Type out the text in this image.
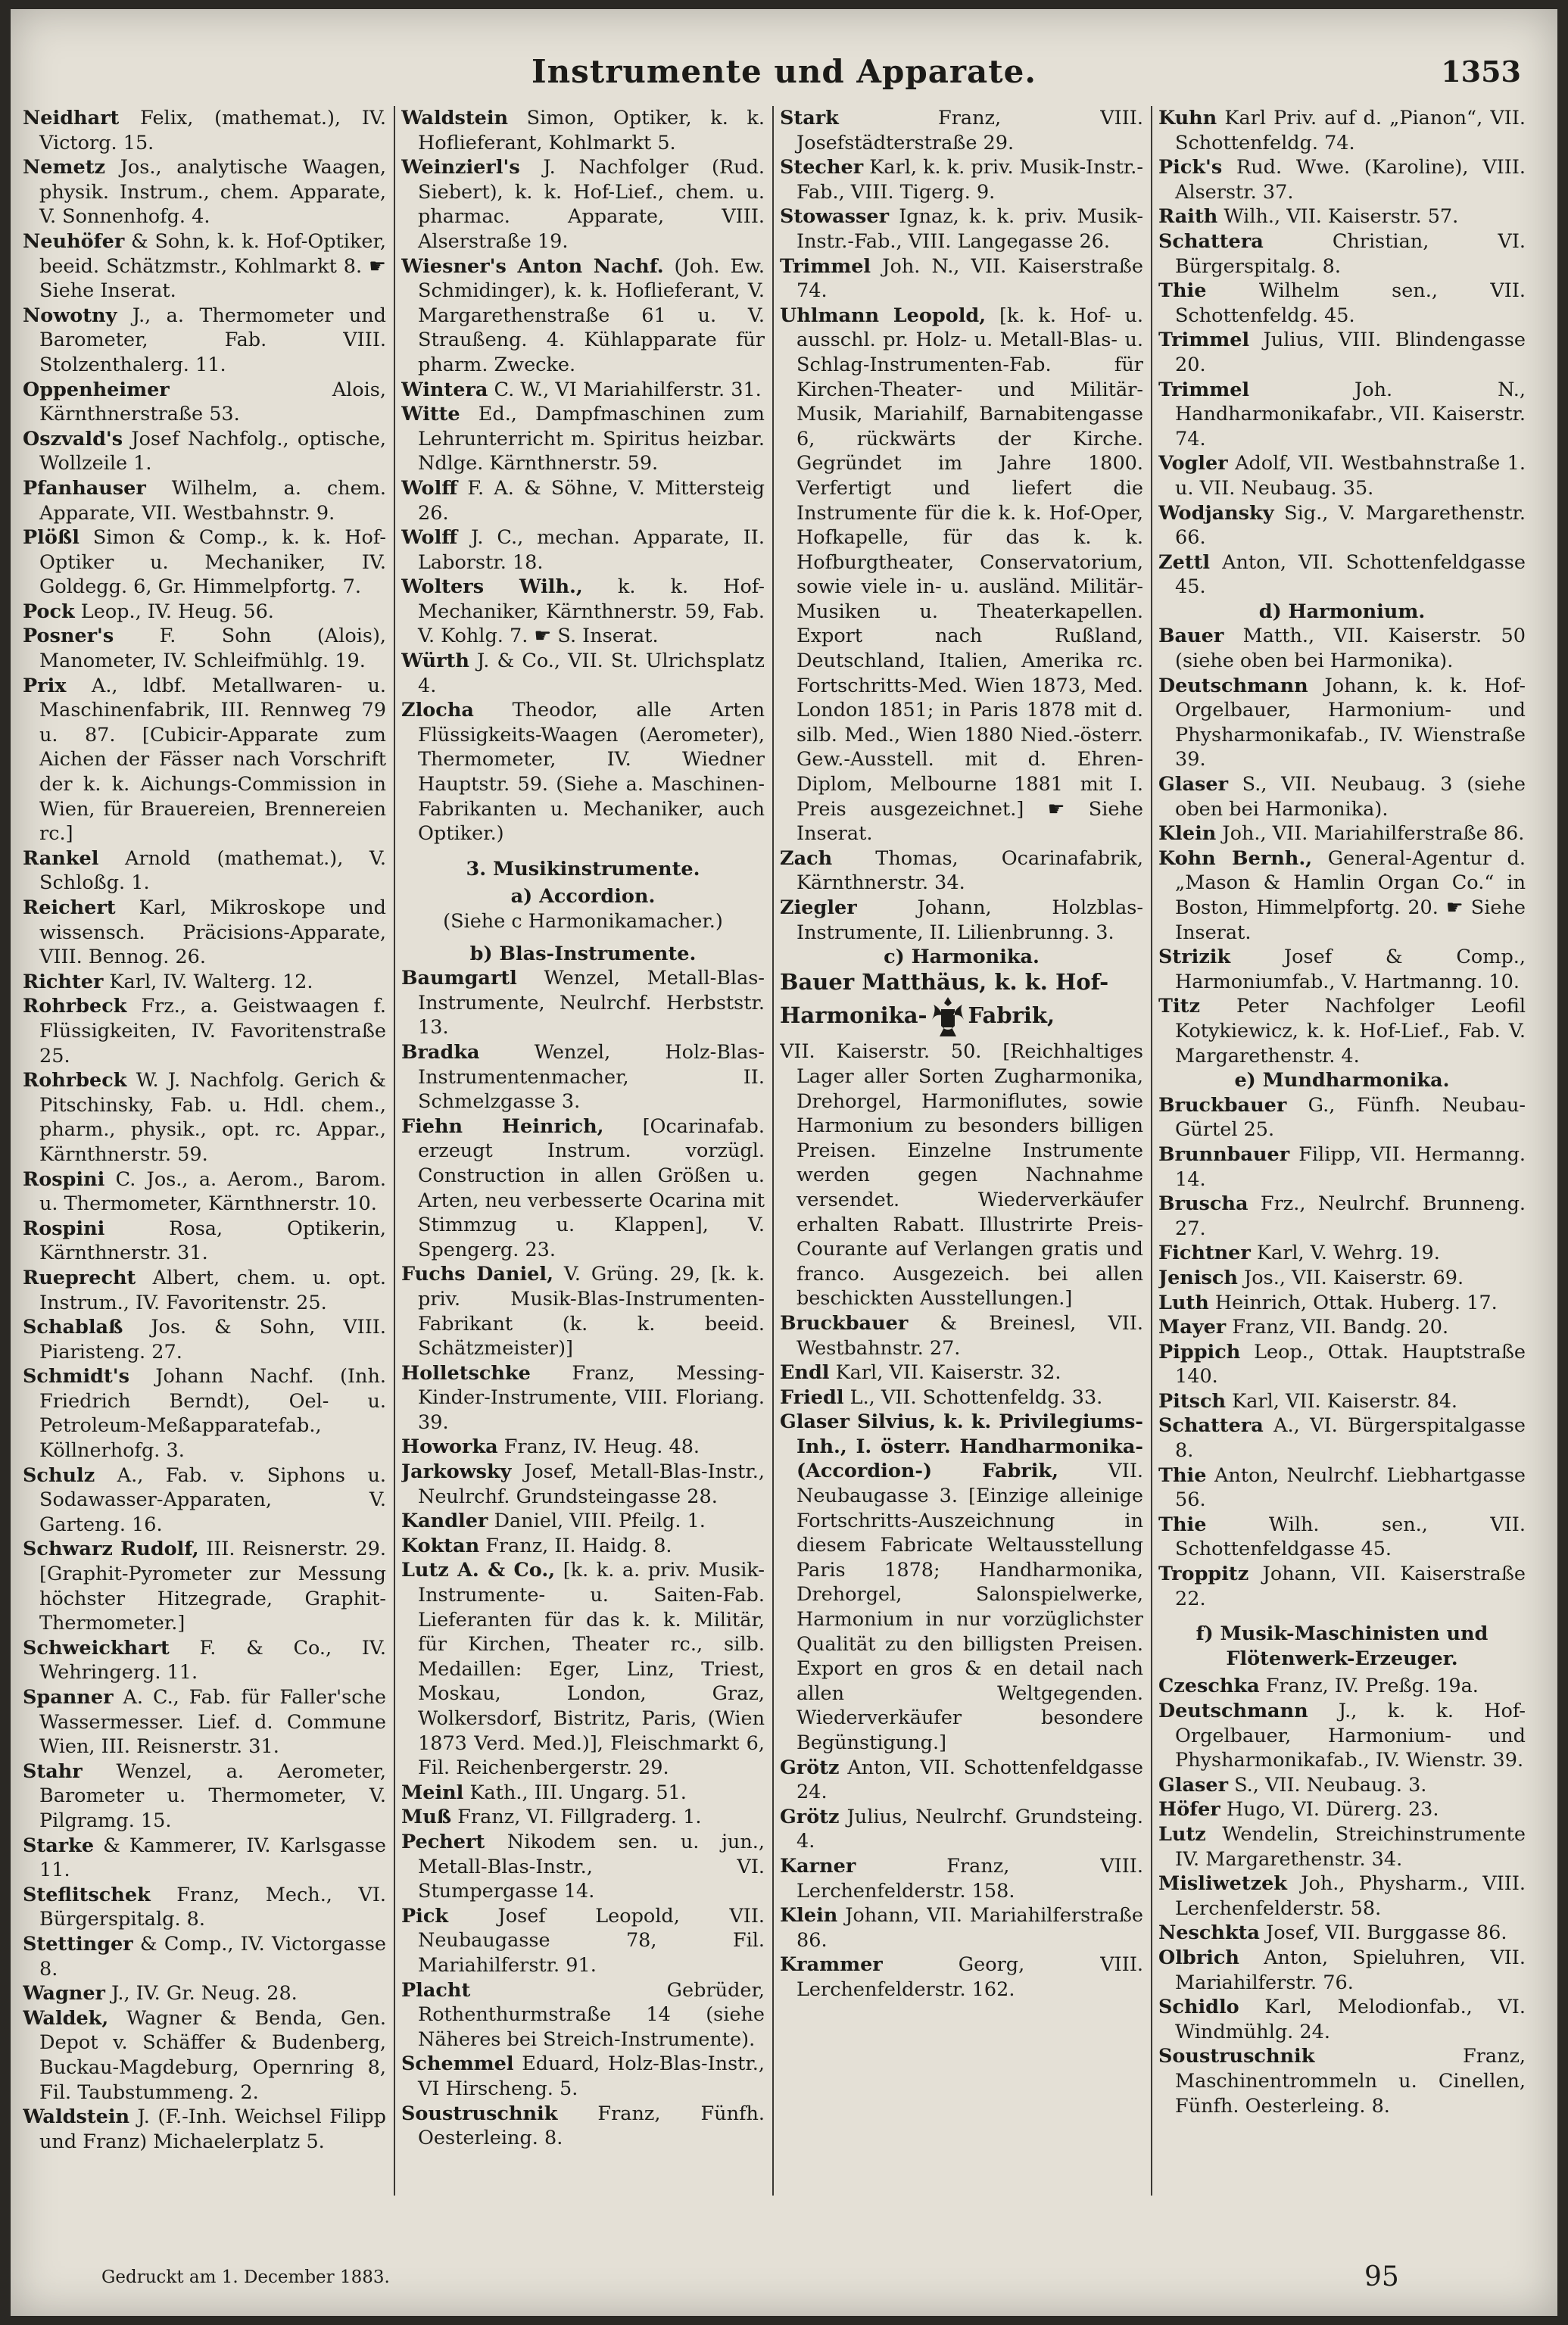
Instrumente und Apparate.	1353
Neidhart Felix, (mathemat.), IV. Victorg. 15.
Nemetz Jos., analytische Waagen, physik. Instrum., chem. Apparate, V. Sonnenhofg. 4.
Neuhöfer & Sohn, k. k. Hof-Optiker, beeid. Schätzmstr., Kohlmarkt 8. ☛ Siehe Inserat.
Nowotny J., a. Thermometer und Barometer, Fab. VIII. Stolzenthalerg. 11.
Oppenheimer Alois, Kärnthnerstraße 53.
Oszvald's Josef Nachfolg., optische, Wollzeile 1.
Pfanhauser Wilhelm, a. chem. Apparate, VII. Westbahnstr. 9.
Plößl Simon & Comp., k. k. Hof-Optiker u. Mechaniker, IV. Goldegg. 6, Gr. Himmelpfortg. 7.
Pock Leop., IV. Heug. 56.
Posner's F. Sohn (Alois), Manometer, IV. Schleifmühlg. 19.
Prix A., ldbf. Metallwaren- u. Maschinenfabrik, III. Rennweg 79 u. 87. [Cubicir-Apparate zum Aichen der Fässer nach Vorschrift der k. k. Aichungs-Commission in Wien, für Brauereien, Brennereien rc.]
Rankel Arnold (mathemat.), V. Schloßg. 1.
Reichert Karl, Mikroskope und wissensch. Präcisions-Apparate, VIII. Bennog. 26.
Richter Karl, IV. Walterg. 12.
Rohrbeck Frz., a. Geistwaagen f. Flüssigkeiten, IV. Favoritenstraße 25.
Rohrbeck W. J. Nachfolg. Gerich & Pitschinsky, Fab. u. Hdl. chem., pharm., physik., opt. rc. Appar., Kärnthnerstr. 59.
Rospini C. Jos., a. Aerom., Barom. u. Thermometer, Kärnthnerstr. 10.
Rospini Rosa, Optikerin, Kärnthnerstr. 31.
Rueprecht Albert, chem. u. opt. Instrum., IV. Favoritenstr. 25.
Schablaß Jos. & Sohn, VIII. Piaristeng. 27.
Schmidt's Johann Nachf. (Inh. Friedrich Berndt), Oel- u. Petroleum-Meßapparatefab., Köllnerhofg. 3.
Schulz A., Fab. v. Siphons u. Sodawasser-Apparaten, V. Garteng. 16.
Schwarz Rudolf, III. Reisnerstr. 29. [Graphit-Pyrometer zur Messung höchster Hitzegrade, Graphit-Thermometer.]
Schweickhart F. & Co., IV. Wehringerg. 11.
Spanner A. C., Fab. für Faller'sche Wassermesser. Lief. d. Commune Wien, III. Reisnerstr. 31.
Stahr Wenzel, a. Aerometer, Barometer u. Thermometer, V. Pilgramg. 15.
Starke & Kammerer, IV. Karlsgasse 11.
Steflitschek Franz, Mech., VI. Bürgerspitalg. 8.
Stettinger & Comp., IV. Victorgasse 8.
Wagner J., IV. Gr. Neug. 28.
Waldek, Wagner & Benda, Gen. Depot v. Schäffer & Budenberg, Buckau-Magdeburg, Opernring 8, Fil. Taubstummeng. 2.
Waldstein J. (F.-Inh. Weichsel Filipp und Franz) Michaelerplatz 5.
Waldstein Simon, Optiker, k. k. Hoflieferant, Kohlmarkt 5.
Weinzierl's J. Nachfolger (Rud. Siebert), k. k. Hof-Lief., chem. u. pharmac. Apparate, VIII. Alserstraße 19.
Wiesner's Anton Nachf. (Joh. Ew. Schmidinger), k. k. Hoflieferant, V. Margarethenstraße 61 u. V. Straußeng. 4. Kühlapparate für pharm. Zwecke.
Wintera C. W., VI Mariahilferstr. 31.
Witte Ed., Dampfmaschinen zum Lehrunterricht m. Spiritus heizbar. Ndlge. Kärnthnerstr. 59.
Wolff F. A. & Söhne, V. Mittersteig 26.
Wolff J. C., mechan. Apparate, II. Laborstr. 18.
Wolters Wilh., k. k. Hof-Mechaniker, Kärnthnerstr. 59, Fab. V. Kohlg. 7. ☛ S. Inserat.
Würth J. & Co., VII. St. Ulrichsplatz 4.
Zlocha Theodor, alle Arten Flüssigkeits-Waagen (Aerometer), Thermometer, IV. Wiedner Hauptstr. 59. (Siehe a. Maschinen-Fabrikanten u. Mechaniker, auch Optiker.)
3. Musikinstrumente.
a) Accordion.
(Siehe c Harmonikamacher.)
b) Blas-Instrumente.
Baumgartl Wenzel, Metall-Blas-Instrumente, Neulrchf. Herbststr. 13.
Bradka Wenzel, Holz-Blas-Instrumentenmacher, II. Schmelzgasse 3.
Fiehn Heinrich, [Ocarinafab. erzeugt Instrum. vorzügl. Construction in allen Größen u. Arten, neu verbesserte Ocarina mit Stimmzug u. Klappen], V. Spengerg. 23.
Fuchs Daniel, V. Grüng. 29, [k. k. priv. Musik-Blas-Instrumenten-Fabrikant (k. k. beeid. Schätzmeister)]
Holletschke Franz, Messing-Kinder-Instrumente, VIII. Floriang. 39.
Howorka Franz, IV. Heug. 48.
Jarkowsky Josef, Metall-Blas-Instr., Neulrchf. Grundsteingasse 28.
Kandler Daniel, VIII. Pfeilg. 1.
Koktan Franz, II. Haidg. 8.
Lutz A. & Co., [k. k. a. priv. Musik-Instrumente- u. Saiten-Fab. Lieferanten für das k. k. Militär, für Kirchen, Theater rc., silb. Medaillen: Eger, Linz, Triest, Moskau, London, Graz, Wolkersdorf, Bistritz, Paris, (Wien 1873 Verd. Med.)], Fleischmarkt 6, Fil. Reichenbergerstr. 29.
Meinl Kath., III. Ungarg. 51.
Muß Franz, VI. Fillgraderg. 1.
Pechert Nikodem sen. u. jun., Metall-Blas-Instr., VI. Stumpergasse 14.
Pick Josef Leopold, VII. Neubaugasse 78, Fil. Mariahilferstr. 91.
Placht Gebrüder, Rothenthurmstraße 14 (siehe Näheres bei Streich-Instrumente).
Schemmel Eduard, Holz-Blas-Instr., VI Hirscheng. 5.
Soustruschnik Franz, Fünfh. Oesterleing. 8.
Stark Franz, VIII. Josefstädterstraße 29.
Stecher Karl, k. k. priv. Musik-Instr.-Fab., VIII. Tigerg. 9.
Stowasser Ignaz, k. k. priv. Musik-Instr.-Fab., VIII. Langegasse 26.
Trimmel Joh. N., VII. Kaiserstraße 74.
Uhlmann Leopold, [k. k. Hof- u. ausschl. pr. Holz- u. Metall-Blas- u. Schlag-Instrumenten-Fab. für Kirchen-Theater- und Militär-Musik, Mariahilf, Barnabitengasse 6, rückwärts der Kirche. Gegründet im Jahre 1800. Verfertigt und liefert die Instrumente für die k. k. Hof-Oper, Hofkapelle, für das k. k. Hofburgtheater, Conservatorium, sowie viele in- u. ausländ. Militär-Musiken u. Theaterkapellen. Export nach Rußland, Deutschland, Italien, Amerika rc. Fortschritts-Med. Wien 1873, Med. London 1851; in Paris 1878 mit d. silb. Med., Wien 1880 Nied.-österr. Gew.-Ausstell. mit d. Ehren-Diplom, Melbourne 1881 mit I. Preis ausgezeichnet.] ☛ Siehe Inserat.
Zach Thomas, Ocarinafabrik, Kärnthnerstr. 34.
Ziegler Johann, Holzblas-Instrumente, II. Lilienbrunng. 3.
c) Harmonika.
Bauer Matthäus, k. k. Hof-
Harmonika- Fabrik,
VII. Kaiserstr. 50. [Reichhaltiges Lager aller Sorten Zugharmonika, Drehorgel, Harmoniflutes, sowie Harmonium zu besonders billigen Preisen. Einzelne Instrumente werden gegen Nachnahme versendet. Wiederverkäufer erhalten Rabatt. Illustrirte Preis-Courante auf Verlangen gratis und franco. Ausgezeich. bei allen beschickten Ausstellungen.]
Bruckbauer & Breinesl, VII. Westbahnstr. 27.
Endl Karl, VII. Kaiserstr. 32.
Friedl L., VII. Schottenfeldg. 33.
Glaser Silvius, k. k. Privilegiums-Inh., I. österr. Handharmonika- (Accordion-) Fabrik, VII. Neubaugasse 3. [Einzige alleinige Fortschritts-Auszeichnung in diesem Fabricate Weltausstellung Paris 1878; Handharmonika, Drehorgel, Salonspielwerke, Harmonium in nur vorzüglichster Qualität zu den billigsten Preisen. Export en gros & en detail nach allen Weltgegenden. Wiederverkäufer besondere Begünstigung.]
Grötz Anton, VII. Schottenfeldgasse 24.
Grötz Julius, Neulrchf. Grundsteing. 4.
Karner Franz, VIII. Lerchenfelderstr. 158.
Klein Johann, VII. Mariahilferstraße 86.
Krammer Georg, VIII. Lerchenfelderstr. 162.
Kuhn Karl Priv. auf d. „Pianon“, VII. Schottenfeldg. 74.
Pick's Rud. Wwe. (Karoline), VIII. Alserstr. 37.
Raith Wilh., VII. Kaiserstr. 57.
Schattera Christian, VI. Bürgerspitalg. 8.
Thie Wilhelm sen., VII. Schottenfeldg. 45.
Trimmel Julius, VIII. Blindengasse 20.
Trimmel Joh. N., Handharmonikafabr., VII. Kaiserstr. 74.
Vogler Adolf, VII. Westbahnstraße 1. u. VII. Neubaug. 35.
Wodjansky Sig., V. Margarethenstr. 66.
Zettl Anton, VII. Schottenfeldgasse 45.
d) Harmonium.
Bauer Matth., VII. Kaiserstr. 50 (siehe oben bei Harmonika).
Deutschmann Johann, k. k. Hof-Orgelbauer, Harmonium- und Physharmonikafab., IV. Wienstraße 39.
Glaser S., VII. Neubaug. 3 (siehe oben bei Harmonika).
Klein Joh., VII. Mariahilferstraße 86.
Kohn Bernh., General-Agentur d. „Mason & Hamlin Organ Co.“ in Boston, Himmelpfortg. 20. ☛ Siehe Inserat.
Strizik Josef & Comp., Harmoniumfab., V. Hartmanng. 10.
Titz Peter Nachfolger Leofil Kotykiewicz, k. k. Hof-Lief., Fab. V. Margarethenstr. 4.
e) Mundharmonika.
Bruckbauer G., Fünfh. Neubau-Gürtel 25.
Brunnbauer Filipp, VII. Hermanng. 14.
Bruscha Frz., Neulrchf. Brunneng. 27.
Fichtner Karl, V. Wehrg. 19.
Jenisch Jos., VII. Kaiserstr. 69.
Luth Heinrich, Ottak. Huberg. 17.
Mayer Franz, VII. Bandg. 20.
Pippich Leop., Ottak. Hauptstraße 140.
Pitsch Karl, VII. Kaiserstr. 84.
Schattera A., VI. Bürgerspitalgasse 8.
Thie Anton, Neulrchf. Liebhartgasse 56.
Thie Wilh. sen., VII. Schottenfeldgasse 45.
Troppitz Johann, VII. Kaiserstraße 22.
f) Musik-Maschinisten und Flötenwerk-Erzeuger.
Czeschka Franz, IV. Preßg. 19a.
Deutschmann J., k. k. Hof-Orgelbauer, Harmonium- und Physharmonikafab., IV. Wienstr. 39.
Glaser S., VII. Neubaug. 3.
Höfer Hugo, VI. Dürerg. 23.
Lutz Wendelin, Streichinstrumente IV. Margarethenstr. 34.
Misliwetzek Joh., Physharm., VIII. Lerchenfelderstr. 58.
Neschkta Josef, VII. Burggasse 86.
Olbrich Anton, Spieluhren, VII. Mariahilferstr. 76.
Schidlo Karl, Melodionfab., VI. Windmühlg. 24.
Soustruschnik Franz, Maschinentrommeln u. Cinellen, Fünfh. Oesterleing. 8.
Gedruckt am 1. December 1883.	95
